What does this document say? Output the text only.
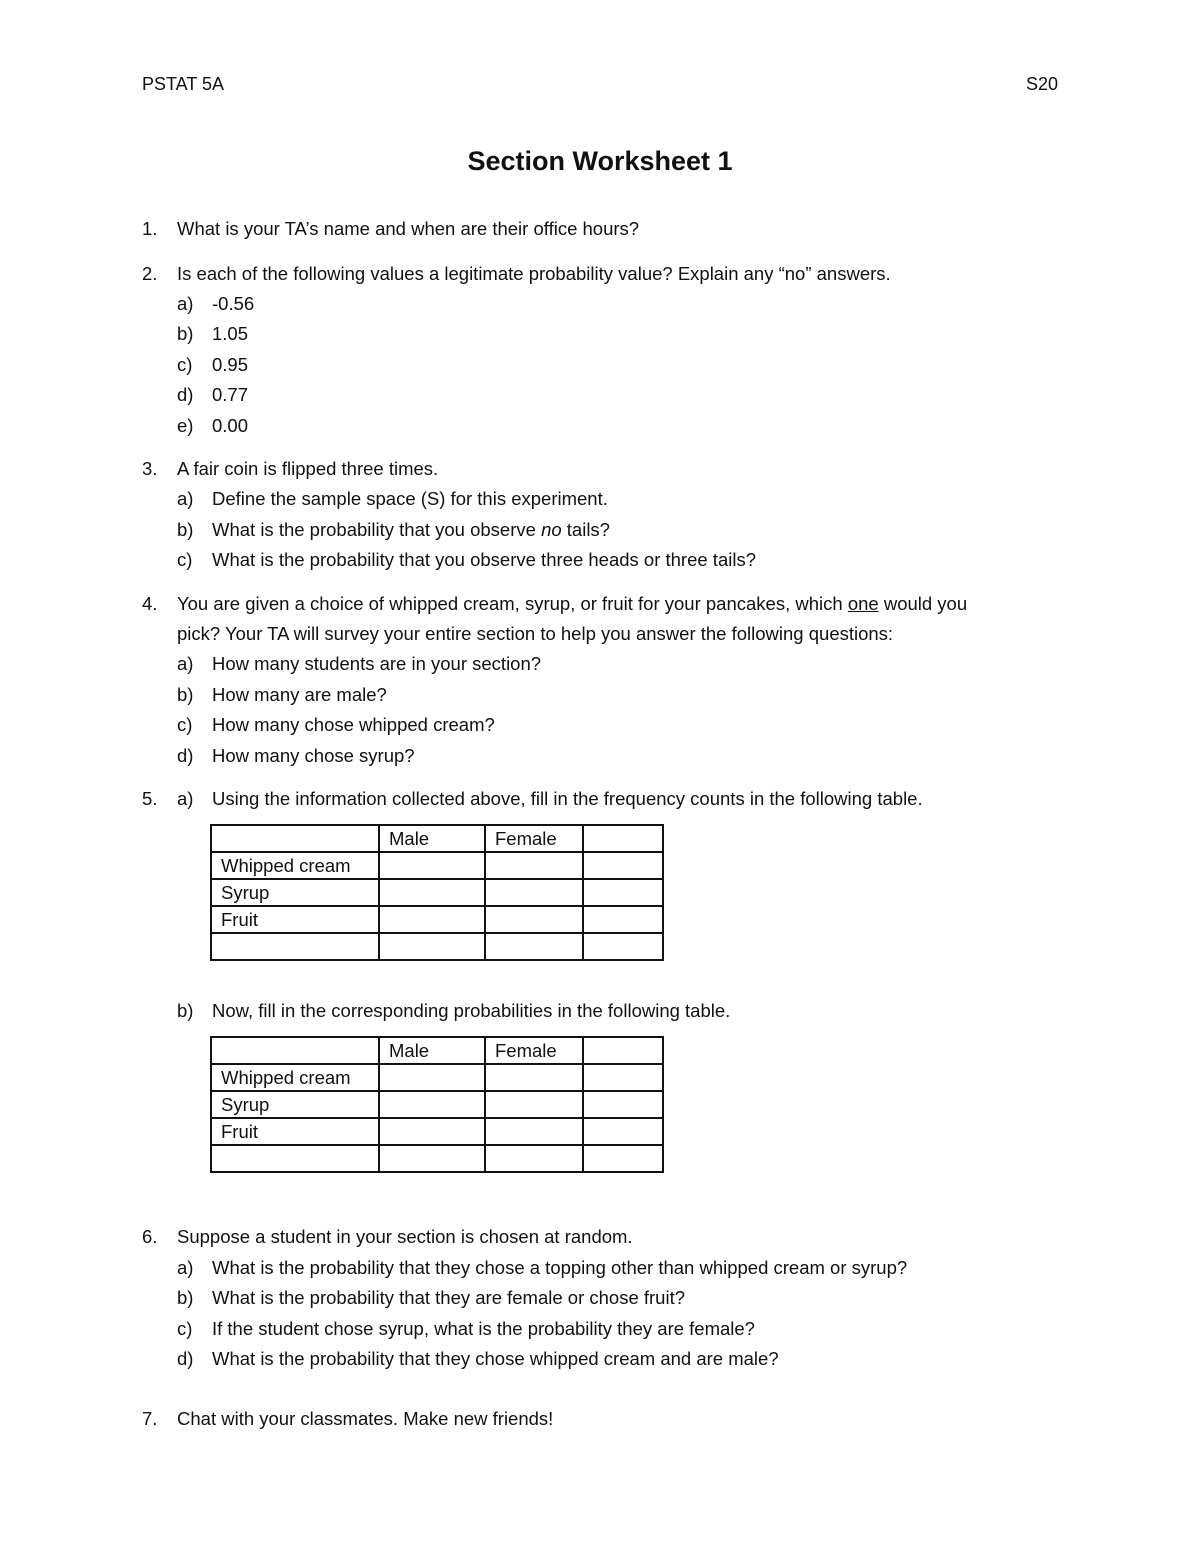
PSTAT 5A	S20
Section Worksheet 1
1.	What is your TA’s name and when are their office hours?
2.	Is each of the following values a legitimate probability value? Explain any “no” answers.
a) -0.56
b) 1.05
c) 0.95
d) 0.77
e) 0.00
3.	A fair coin is flipped three times.
a) Define the sample space (S) for this experiment.
b) What is the probability that you observe no tails?
c) What is the probability that you observe three heads or three tails?
4.	You are given a choice of whipped cream, syrup, or fruit for your pancakes, which one would you
pick? Your TA will survey your entire section to help you answer the following questions:
a) How many students are in your section?
b) How many are male?
c) How many chose whipped cream?
d) How many chose syrup?
5.	a) Using the information collected above, fill in the frequency counts in the following table.
	Male	Female	
Whipped cream			
Syrup			
Fruit			

b) Now, fill in the corresponding probabilities in the following table.
	Male	Female	
Whipped cream			
Syrup			
Fruit			

6.	Suppose a student in your section is chosen at random.
a) What is the probability that they chose a topping other than whipped cream or syrup?
b) What is the probability that they are female or chose fruit?
c) If the student chose syrup, what is the probability they are female?
d) What is the probability that they chose whipped cream and are male?
7.	Chat with your classmates. Make new friends!
